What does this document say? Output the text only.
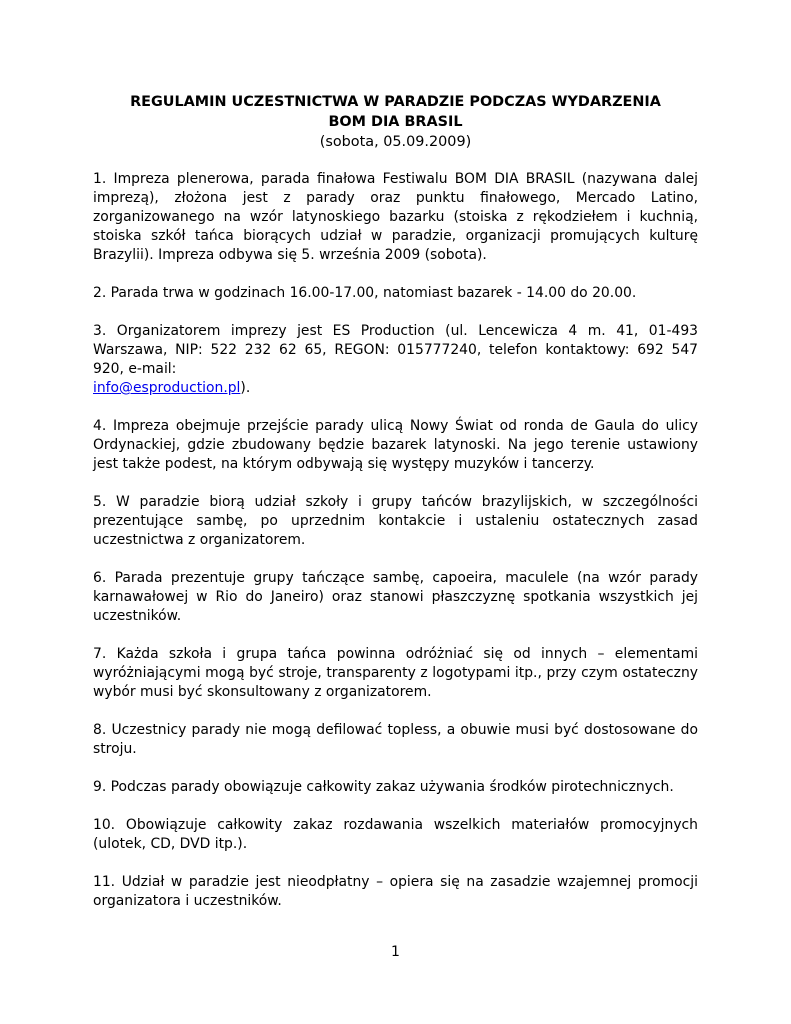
REGULAMIN UCZESTNICTWA W PARADZIE PODCZAS WYDARZENIA
BOM DIA BRASIL
(sobota, 05.09.2009)

1. Impreza plenerowa, parada finałowa Festiwalu BOM DIA BRASIL (nazywana dalej imprezą), złożona jest z parady oraz punktu finałowego, Mercado Latino, zorganizowanego na wzór latynoskiego bazarku (stoiska z rękodziełem i kuchnią, stoiska szkół tańca biorących udział w paradzie, organizacji promujących kulturę Brazylii). Impreza odbywa się 5. września 2009 (sobota).

2. Parada trwa w godzinach 16.00-17.00, natomiast bazarek - 14.00 do 20.00.

3. Organizatorem imprezy jest ES Production (ul. Lencewicza 4 m. 41, 01-493
Warszawa, NIP: 522 232 62 65, REGON: 015777240, telefon kontaktowy: 692 547
920, e-mail:
info@esproduction.pl).

4. Impreza obejmuje przejście parady ulicą Nowy Świat od ronda de Gaula do ulicy Ordynackiej, gdzie zbudowany będzie bazarek latynoski. Na jego terenie ustawiony jest także podest, na którym odbywają się występy muzyków i tancerzy.

5. W paradzie biorą udział szkoły i grupy tańców brazylijskich, w szczególności prezentujące sambę, po uprzednim kontakcie i ustaleniu ostatecznych zasad uczestnictwa z organizatorem.

6. Parada prezentuje grupy tańczące sambę, capoeira, maculele (na wzór parady karnawałowej w Rio do Janeiro) oraz stanowi płaszczyznę spotkania wszystkich jej uczestników.

7. Każda szkoła i grupa tańca powinna odróżniać się od innych – elementami wyróżniającymi mogą być stroje, transparenty z logotypami itp., przy czym ostateczny wybór musi być skonsultowany z organizatorem.

8. Uczestnicy parady nie mogą defilować topless, a obuwie musi być dostosowane do stroju.

9. Podczas parady obowiązuje całkowity zakaz używania środków pirotechnicznych.

10. Obowiązuje całkowity zakaz rozdawania wszelkich materiałów promocyjnych (ulotek, CD, DVD itp.).

11. Udział w paradzie jest nieodpłatny – opiera się na zasadzie wzajemnej promocji organizatora i uczestników.

1
